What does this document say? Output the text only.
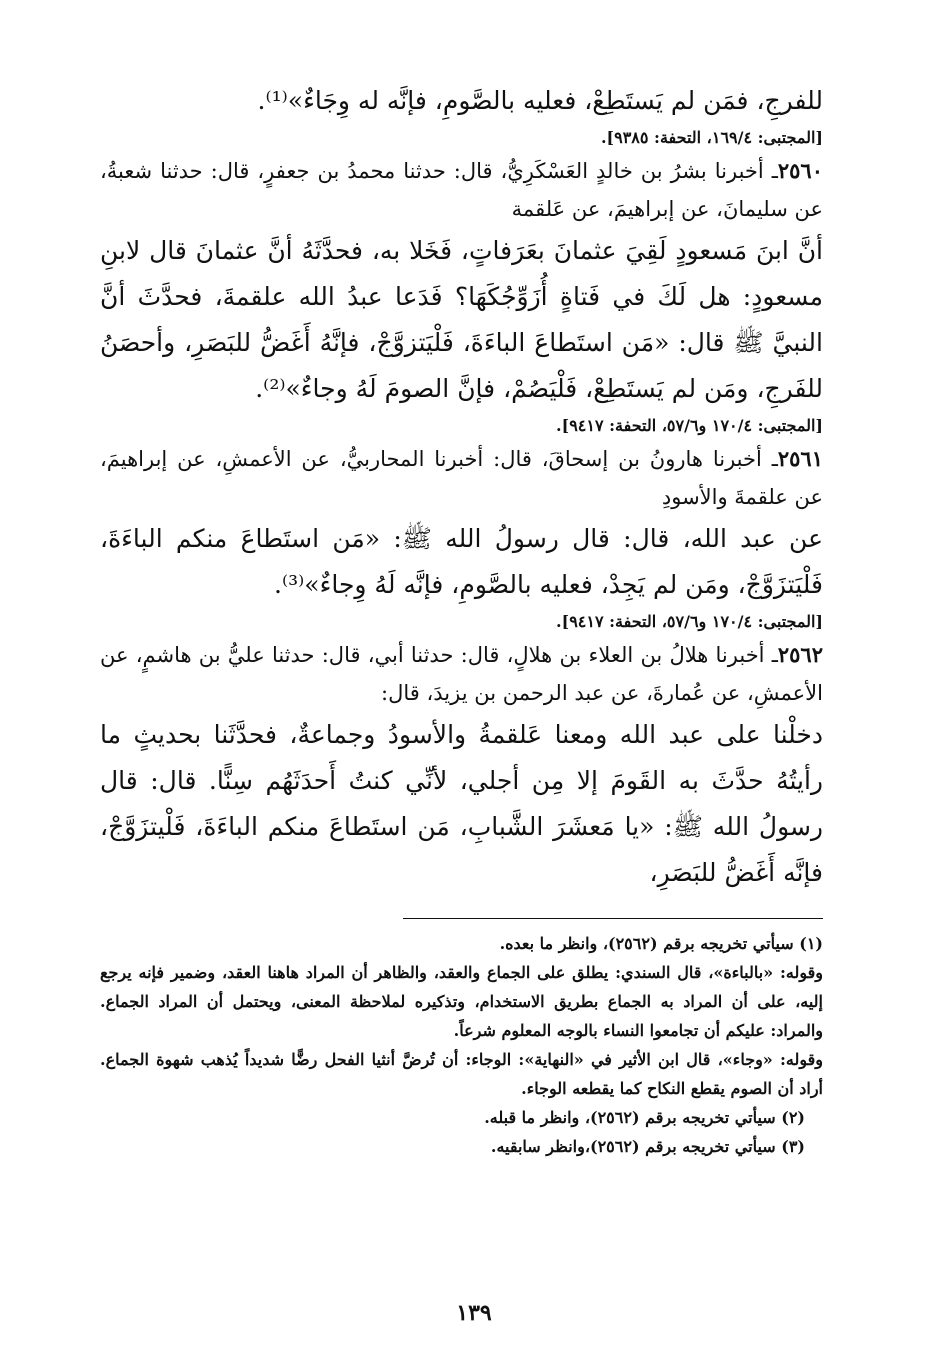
للفرجِ، فمَن لم يَستَطِعْ، فعليه بالصَّومِ، فإنَّه له وِجَاءٌ»⁽¹⁾.

[المجتبى: ١٦٩/٤، التحفة: ٩٣٨٥].

٢٥٦٠ـ أخبرنا بشرُ بن خالدٍ العَسْكَرِيُّ، قال: حدثنا محمدُ بن جعفرٍ، قال: حدثنا شعبةُ، عن سليمانَ، عن إبراهيمَ، عن عَلقمة

أنَّ ابنَ مَسعودٍ لَقِيَ عثمانَ بعَرَفاتٍ، فَخَلا به، فحدَّثَهُ أنَّ عثمانَ قال لابنِ مسعودٍ: هل لَكَ في فَتاةٍ أُزَوِّجُكَهَا؟ فَدَعا عبدُ الله علقمةَ، فحدَّثَ أنَّ النبيَّ ﷺ قال: «مَن استَطاعَ الباءَةَ، فَلْيَتزوَّجْ، فإنَّهُ أَغَضُّ للبَصَرِ، وأحصَنُ للفَرجِ، ومَن لم يَستَطِعْ، فَلْيَصُمْ، فإنَّ الصومَ لَهُ وجاءٌ»⁽²⁾.

[المجتبى: ١٧٠/٤ و٥٧/٦، التحفة: ٩٤١٧].

٢٥٦١ـ أخبرنا هارونُ بن إسحاقَ، قال: أخبرنا المحاربيُّ، عن الأعمشِ، عن إبراهيمَ، عن علقمةَ والأسودِ

عن عبد الله، قال: قال رسولُ الله ﷺ: «مَن استَطاعَ منكم الباءَةَ، فَلْيَتزَوَّجْ، ومَن لم يَجِدْ، فعليه بالصَّومِ، فإنَّه لَهُ وِجاءٌ»⁽³⁾.

[المجتبى: ١٧٠/٤ و٥٧/٦، التحفة: ٩٤١٧].

٢٥٦٢ـ أخبرنا هلالُ بن العلاء بن هلالٍ، قال: حدثنا أبي، قال: حدثنا عليُّ بن هاشمٍ، عن الأعمشِ، عن عُمارةَ، عن عبد الرحمن بن يزيدَ، قال:

دخلْنا على عبد الله ومعنا عَلقمةُ والأسودُ وجماعةٌ، فحدَّثَنا بحديثٍ ما رأيتُهُ حدَّثَ به القَومَ إلا مِن أجلي، لأنِّي كنتُ أَحدَثَهُم سِنًّا. قال: قال رسولُ الله ﷺ: «يا مَعشَرَ الشَّبابِ، مَن استَطاعَ منكم الباءَةَ، فَلْيتزَوَّجْ، فإنَّه أَغَضُّ للبَصَرِ،

(١) سيأتي تخريجه برقم (٢٥٦٢)، وانظر ما بعده.

وقوله: «بالباءة»، قال السندي: يطلق على الجماع والعقد، والظاهر أن المراد هاهنا العقد، وضمير فإنه يرجع إليه، على أن المراد به الجماع بطريق الاستخدام، وتذكيره لملاحظة المعنى، ويحتمل أن المراد الجماع. والمراد: عليكم أن تجامعوا النساء بالوجه المعلوم شرعاً.

وقوله: «وجاء»، قال ابن الأثير في «النهاية»: الوجاء: أن تُرضَّ أنثيا الفحل رضًّا شديداً يُذهب شهوة الجماع. أراد أن الصوم يقطع النكاح كما يقطعه الوجاء.

(٢) سيأتي تخريجه برقم (٢٥٦٢)، وانظر ما قبله.

(٣) سيأتي تخريجه برقم (٢٥٦٢)،وانظر سابقيه.

١٣٩
